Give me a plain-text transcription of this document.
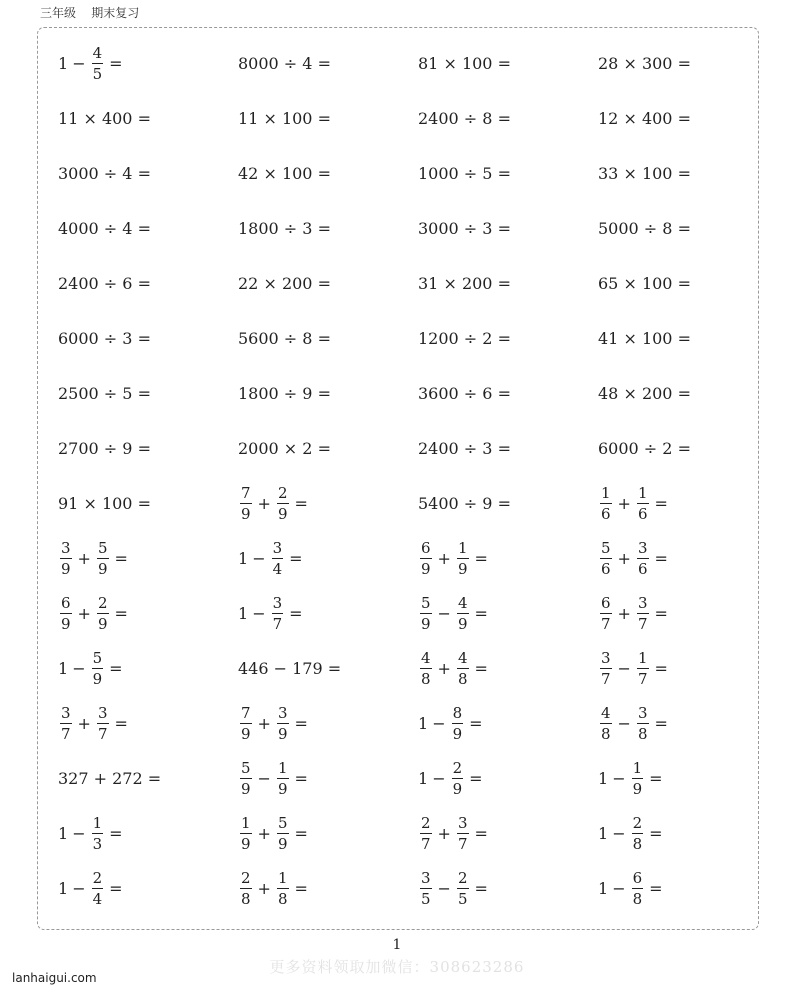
三年级    期末复习
$1 - \frac{4}{5}$ =	8000 ÷ 4 =	81 × 100 =	28 × 300 =
11 × 400 =	11 × 100 =	2400 ÷ 8 =	12 × 400 =
3000 ÷ 4 =	42 × 100 =	1000 ÷ 5 =	33 × 100 =
4000 ÷ 4 =	1800 ÷ 3 =	3000 ÷ 3 =	5000 ÷ 8 =
2400 ÷ 6 =	22 × 200 =	31 × 200 =	65 × 100 =
6000 ÷ 3 =	5600 ÷ 8 =	1200 ÷ 2 =	41 × 100 =
2500 ÷ 5 =	1800 ÷ 9 =	3600 ÷ 6 =	48 × 200 =
2700 ÷ 9 =	2000 × 2 =	2400 ÷ 3 =	6000 ÷ 2 =
91 × 100 =	$\frac{7}{9} + \frac{2}{9}$ =	5400 ÷ 9 =	$\frac{1}{6} + \frac{1}{6}$ =
$\frac{3}{9} + \frac{5}{9}$ =	$1 - \frac{3}{4}$ =	$\frac{6}{9} + \frac{1}{9}$ =	$\frac{5}{6} + \frac{3}{6}$ =
$\frac{6}{9} + \frac{2}{9}$ =	$1 - \frac{3}{7}$ =	$\frac{5}{9} - \frac{4}{9}$ =	$\frac{6}{7} + \frac{3}{7}$ =
$1 - \frac{5}{9}$ =	446 − 179 =	$\frac{4}{8} + \frac{4}{8}$ =	$\frac{3}{7} - \frac{1}{7}$ =
$\frac{3}{7} + \frac{3}{7}$ =	$\frac{7}{9} + \frac{3}{9}$ =	$1 - \frac{8}{9}$ =	$\frac{4}{8} - \frac{3}{8}$ =
327 + 272 =	$\frac{5}{9} - \frac{1}{9}$ =	$1 - \frac{2}{9}$ =	$1 - \frac{1}{9}$ =
$1 - \frac{1}{3}$ =	$\frac{1}{9} + \frac{5}{9}$ =	$\frac{2}{7} + \frac{3}{7}$ =	$1 - \frac{2}{8}$ =
$1 - \frac{2}{4}$ =	$\frac{2}{8} + \frac{1}{8}$ =	$\frac{3}{5} - \frac{2}{5}$ =	$1 - \frac{6}{8}$ =
1
更多资料领取加微信：308623286
lanhaigui.com
